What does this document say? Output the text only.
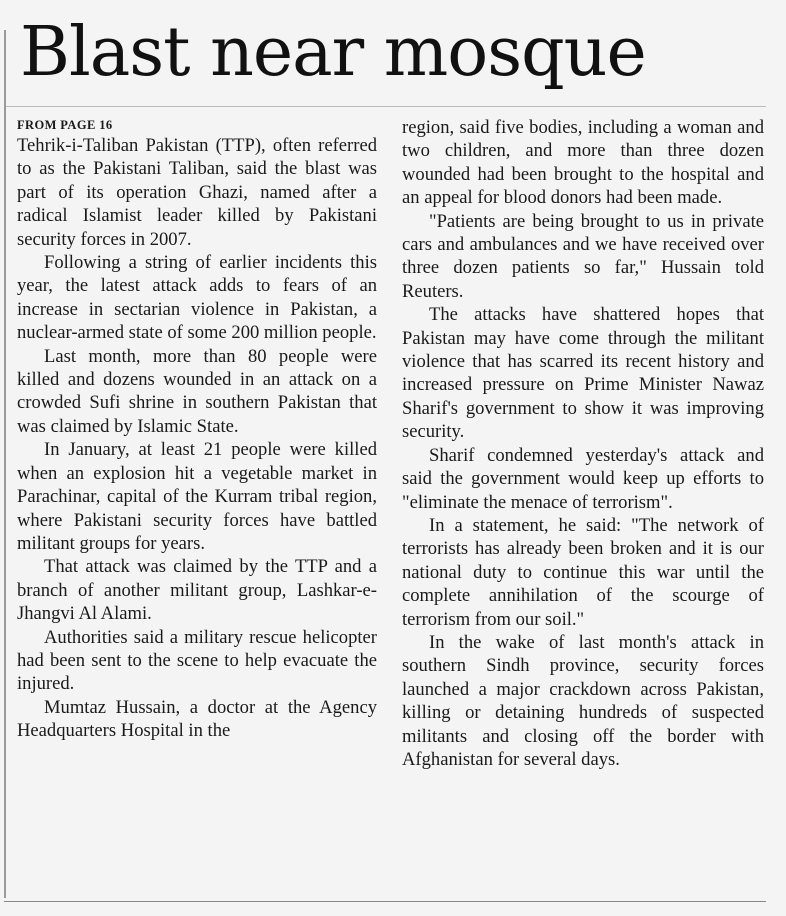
Blast near mosque
FROM PAGE 16

Tehrik-i-Taliban Pakistan (TTP), often referred to as the Pakistani Taliban, said the blast was part of its operation Ghazi, named after a radical Islamist leader killed by Pakistani security forces in 2007.

Following a string of earlier incidents this year, the latest attack adds to fears of an increase in sectarian violence in Pakistan, a nuclear-armed state of some 200 million people.

Last month, more than 80 people were killed and dozens wounded in an attack on a crowded Sufi shrine in southern Pakistan that was claimed by Islamic State.

In January, at least 21 people were killed when an explosion hit a vegetable market in Parachinar, capital of the Kurram tribal region, where Pakistani security forces have battled militant groups for years.

That attack was claimed by the TTP and a branch of another militant group, Lashkar-e-Jhangvi Al Alami.

Authorities said a military rescue helicopter had been sent to the scene to help evacuate the injured.

Mumtaz Hussain, a doctor at the Agency Headquarters Hospital in the

region, said five bodies, including a woman and two children, and more than three dozen wounded had been brought to the hospital and an appeal for blood donors had been made.

"Patients are being brought to us in private cars and ambulances and we have received over three dozen patients so far," Hussain told Reuters.

The attacks have shattered hopes that Pakistan may have come through the militant violence that has scarred its recent history and increased pressure on Prime Minister Nawaz Sharif's government to show it was improving security.

Sharif condemned yesterday's attack and said the government would keep up efforts to "eliminate the menace of terrorism".

In a statement, he said: "The network of terrorists has already been broken and it is our national duty to continue this war until the complete annihilation of the scourge of terrorism from our soil."

In the wake of last month's attack in southern Sindh province, security forces launched a major crackdown across Pakistan, killing or detaining hundreds of suspected militants and closing off the border with Afghanistan for several days.
